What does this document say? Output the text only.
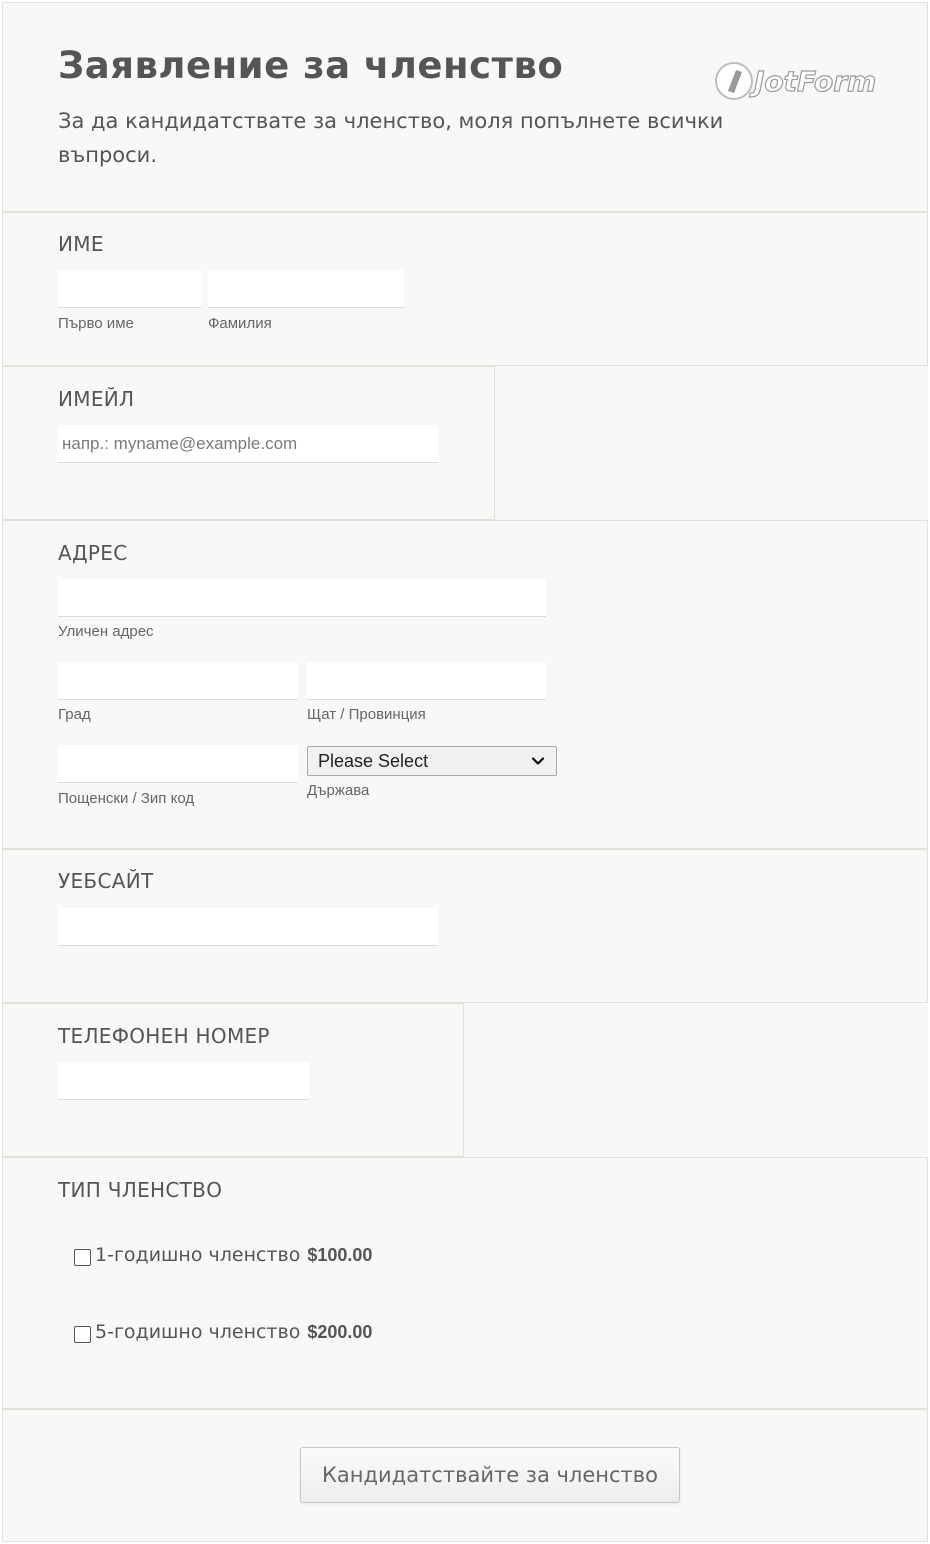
Заявление за членство

За да кандидатствате за членство, моля попълнете всички въпроси.

JotForm
ИМЕ
Първо име	Фамилия
ИМЕЙЛ
напр.: myname@example.com
АДРЕС
Уличен адрес
Град	Щат / Провинция
Please Select
Пощенски / Зип код	Държава
УЕБСАЙТ
ТЕЛЕФОНЕН НОМЕР
ТИП ЧЛЕНСТВО
1-годишно членство $100.00
5-годишно членство $200.00
Кандидатствайте за членство
